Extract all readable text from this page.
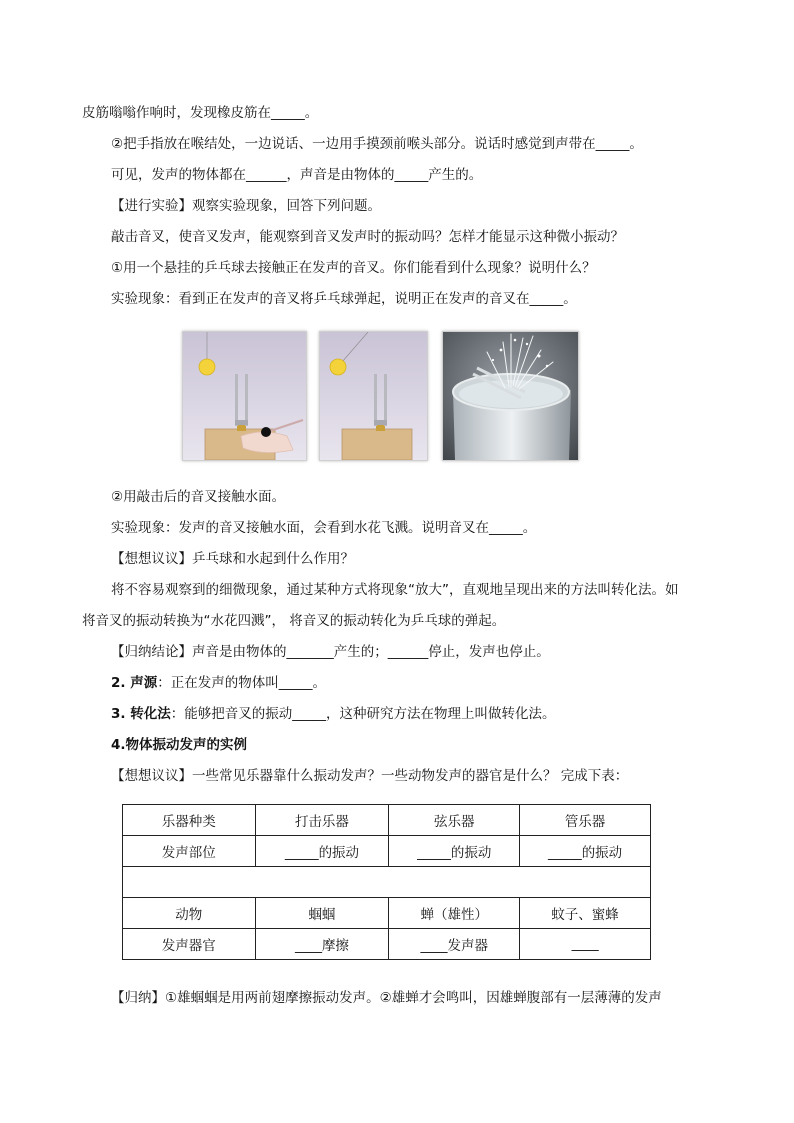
皮筋嗡嗡作响时，发现橡皮筋在_____。
②把手指放在喉结处，一边说话、一边用手摸颈前喉头部分。说话时感觉到声带在_____。
可见，发声的物体都在______，声音是由物体的_____产生的。
【进行实验】观察实验现象，回答下列问题。
敲击音叉，使音叉发声，能观察到音叉发声时的振动吗？怎样才能显示这种微小振动？
①用一个悬挂的乒乓球去接触正在发声的音叉。你们能看到什么现象？说明什么？
实验现象：看到正在发声的音叉将乒乓球弹起，说明正在发声的音叉在_____。
②用敲击后的音叉接触水面。
实验现象：发声的音叉接触水面，会看到水花飞溅。说明音叉在_____。
【想想议议】乒乓球和水起到什么作用？
将不容易观察到的细微现象，通过某种方式将现象“放大”，直观地呈现出来的方法叫转化法。如
将音叉的振动转换为“水花四溅”， 将音叉的振动转化为乒乓球的弹起。
【归纳结论】声音是由物体的_______产生的；______停止，发声也停止。
2. 声源：正在发声的物体叫_____。
3. 转化法：能够把音叉的振动_____，这种研究方法在物理上叫做转化法。
4.物体振动发声的实例
【想想议议】一些常见乐器靠什么振动发声？一些动物发声的器官是什么？ 完成下表：
乐器种类	打击乐器	弦乐器	管乐器
发声部位	_____的振动	_____的振动	_____的振动

动物	蝈蝈	蝉（雄性）	蚊子、蜜蜂
发声器官	____摩擦	____发声器	____
【归纳】①雄蝈蝈是用两前翅摩擦振动发声。②雄蝉才会鸣叫，因雄蝉腹部有一层薄薄的发声
